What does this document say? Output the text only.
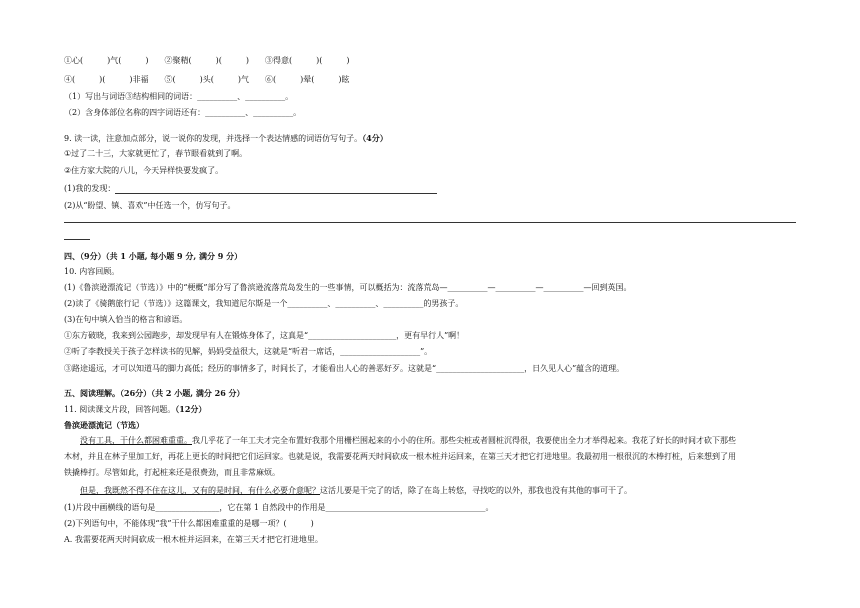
①心(　　　)气(　　　)　　②聚精(　　　)(　　　)　　③得意(　　　)(　　　)
④(　　　)(　　　)非福　　⑤(　　　)头(　　　)气　　⑥(　　　)晕(　　　)眩
（1）写出与词语③结构相同的词语：__________、__________。
（2）含身体部位名称的四字词语还有：__________、__________。
9. 读一读，注意加点部分，说一说你的发现，并选择一个表达情感的词语仿写句子。（4分）
①过了二十三，大家就更忙了，春节眼看就到了啊。
②住方家大院的八儿，今天异样快要发疯了。
(1)我的发现：
(2)从“盼望、镇、喜欢”中任选一个，仿写句子。
四、（9分）（共 1 小题, 每小题 9 分, 满分 9 分）
10. 内容回顾。
(1)《鲁滨逊漂流记（节选）》中的“梗概”部分写了鲁滨逊流落荒岛发生的一些事情，可以概括为：流落荒岛—__________—__________—__________—回到英国。
(2)读了《骑鹅旅行记（节选）》这篇课文，我知道尼尔斯是一个__________、__________、__________的男孩子。
(3)在句中填入恰当的格言和谚语。
①东方破晓，我来到公园跑步，却发现早有人在锻炼身体了，这真是“______________________，更有早行人”啊！
②听了李教授关于孩子怎样读书的见解，妈妈受益很大，这就是“听君一席话，____________________”。
③路途遥远，才可以知道马的脚力高低；经历的事情多了，时间长了，才能看出人心的善恶好歹。这就是“______________________，日久见人心”蕴含的道理。
五、阅读理解。（26分）（共 2 小题, 满分 26 分）
11. 阅读课文片段，回答问题。（12分）
鲁滨逊漂流记（节选）
没有工具，干什么都困难重重。我几乎花了一年工夫才完全布置好我那个用栅栏围起来的小小的住所。那些尖桩或者圆桩沉得很，我要使出全力才举得起来。我花了好长的时间才砍下那些
木材，并且在林子里加工好，再花上更长的时间把它们运回家。也就是说，我需要花两天时间砍成一根木桩并运回来，在第三天才把它打进地里。我最初用一根很沉的木棒打桩，后来想到了用
铁撬棒打。尽管如此，打起桩来还是很费劲，而且非常麻烦。
但是，我既然不得不住在这儿，又有的是时间，有什么必要介意呢？这活儿要是干完了的话，除了在岛上转悠，寻找吃的以外，那我也没有其他的事可干了。
(1)片段中画横线的语句是________________，它在第 1 自然段中的作用是________________________________________。
(2)下列语句中，不能体现“我”干什么都困难重重的是哪一项？(　　　)
A. 我需要花两天时间砍成一根木桩并运回来，在第三天才把它打进地里。
